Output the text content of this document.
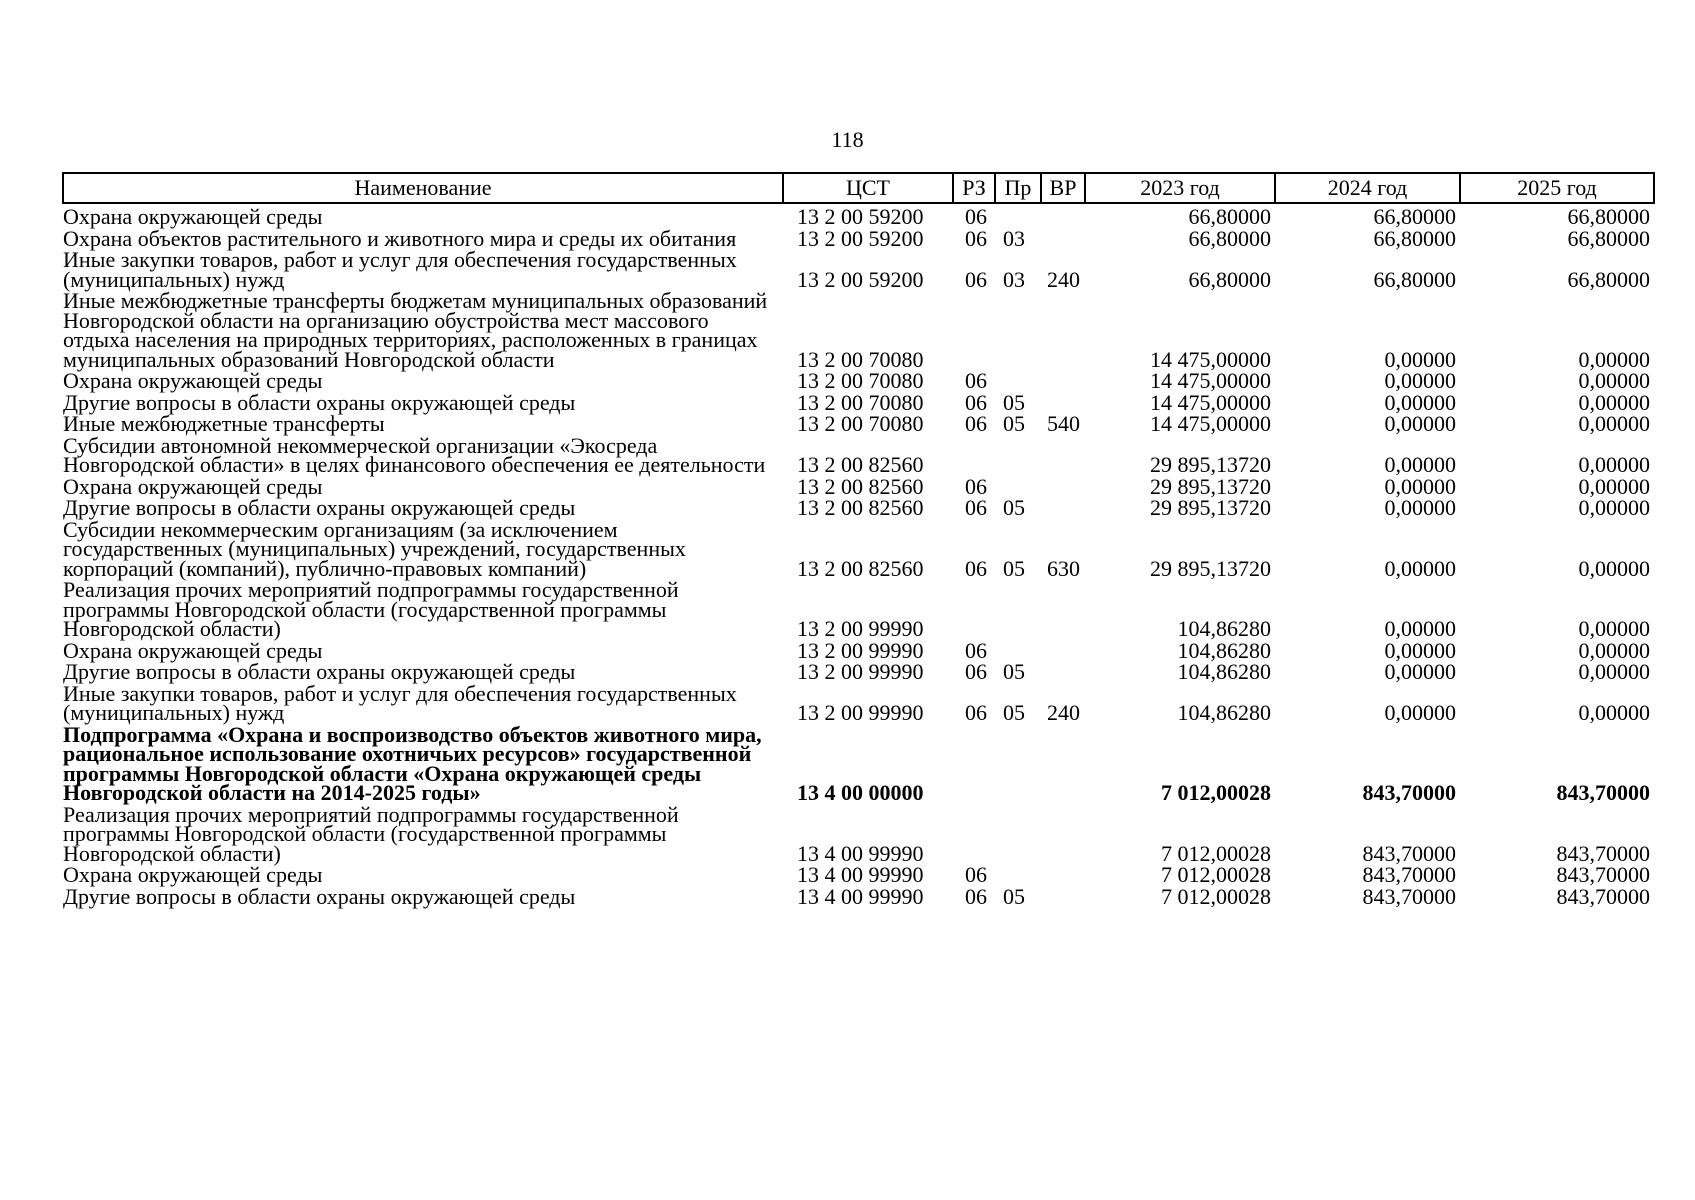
118
Наименование	ЦСТ	РЗ	Пр	ВР	2023 год	2024 год	2025 год
Охрана окружающей среды	13 2 00 59200	06			66,80000	66,80000	66,80000
Охрана объектов растительного и животного мира и среды их обитания	13 2 00 59200	06	03		66,80000	66,80000	66,80000
Иные закупки товаров, работ и услуг для обеспечения государственных (муниципальных) нужд	13 2 00 59200	06	03	240	66,80000	66,80000	66,80000
Иные межбюджетные трансферты бюджетам муниципальных образований Новгородской области на организацию обустройства мест массового отдыха населения на природных территориях, расположенных в границах муниципальных образований Новгородской области	13 2 00 70080				14 475,00000	0,00000	0,00000
Охрана окружающей среды	13 2 00 70080	06			14 475,00000	0,00000	0,00000
Другие вопросы в области охраны окружающей среды	13 2 00 70080	06	05		14 475,00000	0,00000	0,00000
Иные межбюджетные трансферты	13 2 00 70080	06	05	540	14 475,00000	0,00000	0,00000
Субсидии автономной некоммерческой организации «Экосреда Новгородской области» в целях финансового обеспечения ее деятельности	13 2 00 82560				29 895,13720	0,00000	0,00000
Охрана окружающей среды	13 2 00 82560	06			29 895,13720	0,00000	0,00000
Другие вопросы в области охраны окружающей среды	13 2 00 82560	06	05		29 895,13720	0,00000	0,00000
Субсидии некоммерческим организациям (за исключением государственных (муниципальных) учреждений, государственных корпораций (компаний), публично-правовых компаний)	13 2 00 82560	06	05	630	29 895,13720	0,00000	0,00000
Реализация прочих мероприятий подпрограммы государственной программы Новгородской области (государственной программы Новгородской области)	13 2 00 99990				104,86280	0,00000	0,00000
Охрана окружающей среды	13 2 00 99990	06			104,86280	0,00000	0,00000
Другие вопросы в области охраны окружающей среды	13 2 00 99990	06	05		104,86280	0,00000	0,00000
Иные закупки товаров, работ и услуг для обеспечения государственных (муниципальных) нужд	13 2 00 99990	06	05	240	104,86280	0,00000	0,00000
Подпрограмма «Охрана и воспроизводство объектов животного мира, рациональное использование охотничьих ресурсов» государственной программы Новгородской области «Охрана окружающей среды Новгородской области на 2014-2025 годы»	13 4 00 00000				7 012,00028	843,70000	843,70000
Реализация прочих мероприятий подпрограммы государственной программы Новгородской области (государственной программы Новгородской области)	13 4 00 99990				7 012,00028	843,70000	843,70000
Охрана окружающей среды	13 4 00 99990	06			7 012,00028	843,70000	843,70000
Другие вопросы в области охраны окружающей среды	13 4 00 99990	06	05		7 012,00028	843,70000	843,70000
